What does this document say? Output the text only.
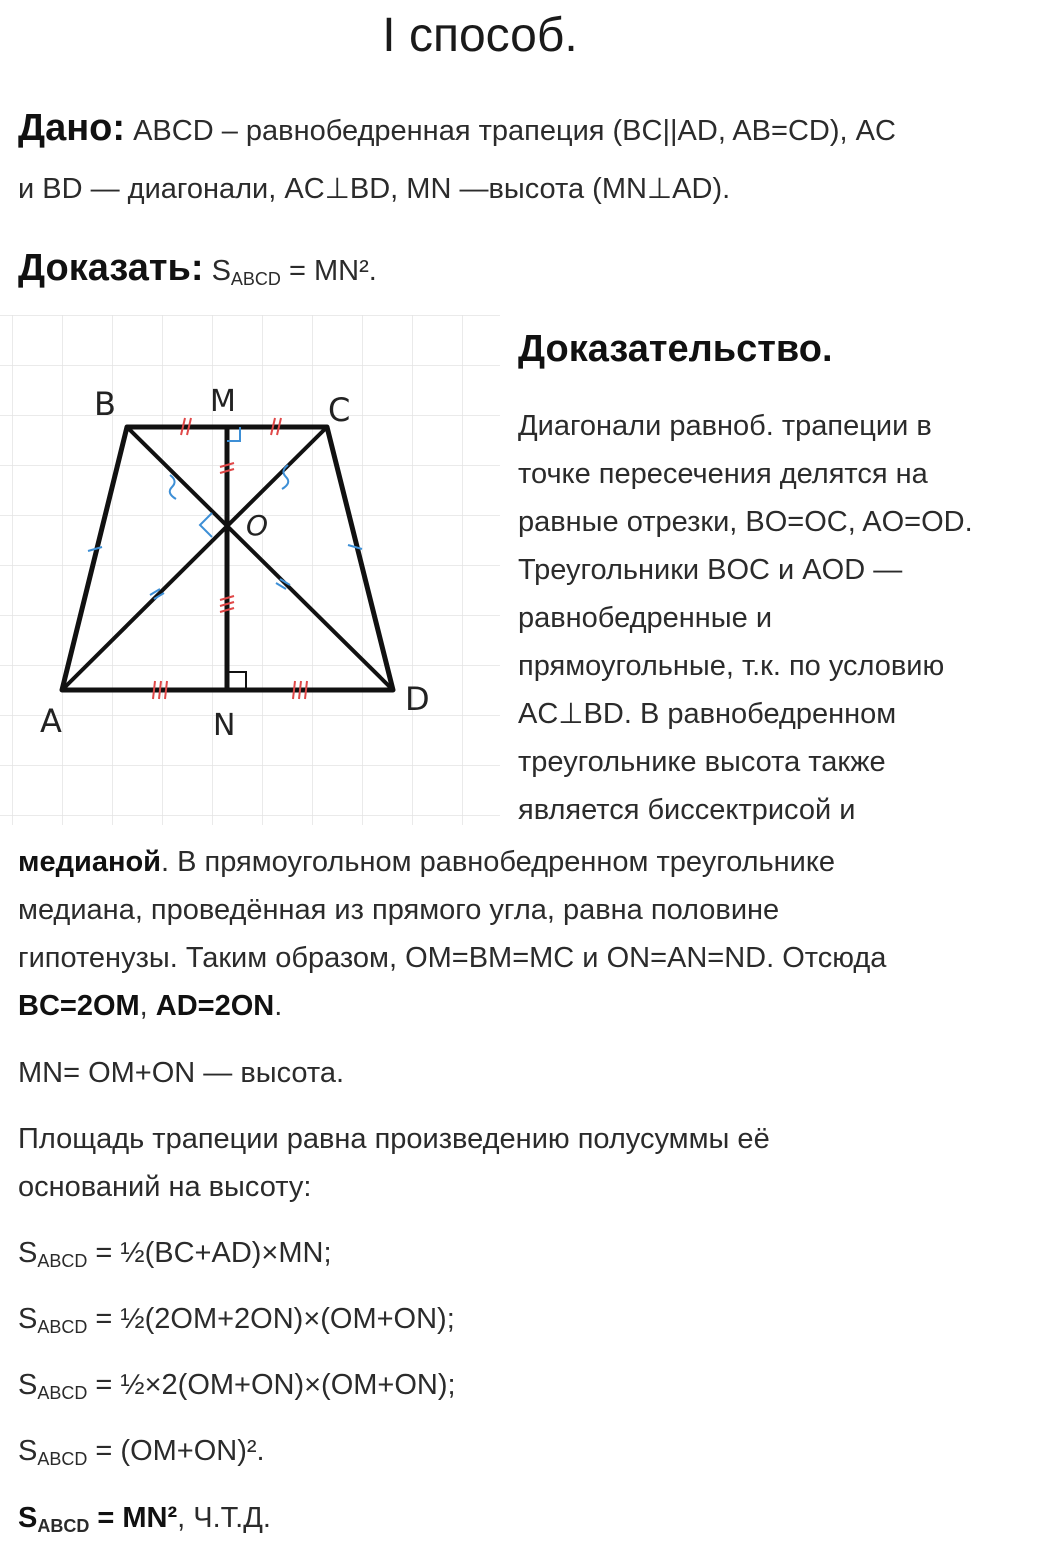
I способ.
Дано: ABCD – равнобедренная трапеция (BC||AD, AB=CD), AC
и BD — диагонали, AC⊥BD, MN —высота (MN⊥AD).
Доказать: $S_{ABCD} = MN^2$.
B	M	C
O
A	N
D
Доказательство.
Диагонали равноб. трапеции в
точке пересечения делятся на
равные отрезки, BO=OC, AO=OD.
Треугольники BOC и AOD —
равнобедренные и
прямоугольные, т.к. по условию
AC⊥BD. В равнобедренном
треугольнике высота также
является биссектрисой и
медианой. В прямоугольном равнобедренном треугольнике
медиана, проведённая из прямого угла, равна половине
гипотенузы. Таким образом, OM=BM=MC и ON=AN=ND. Отсюда
BC=2OM, AD=2ON.
MN= OM+ON — высота.
Площадь трапеции равна произведению полусуммы её
оснований на высоту:
$S_{ABCD}$ = ½(BC+AD)×MN;
$S_{ABCD}$ = ½(2OM+2ON)×(OM+ON);
$S_{ABCD}$ = ½×2(OM+ON)×(OM+ON);
$S_{ABCD} = (OM+ON)^2$.
$S_{ABCD} = MN^2$, Ч.Т.Д.
